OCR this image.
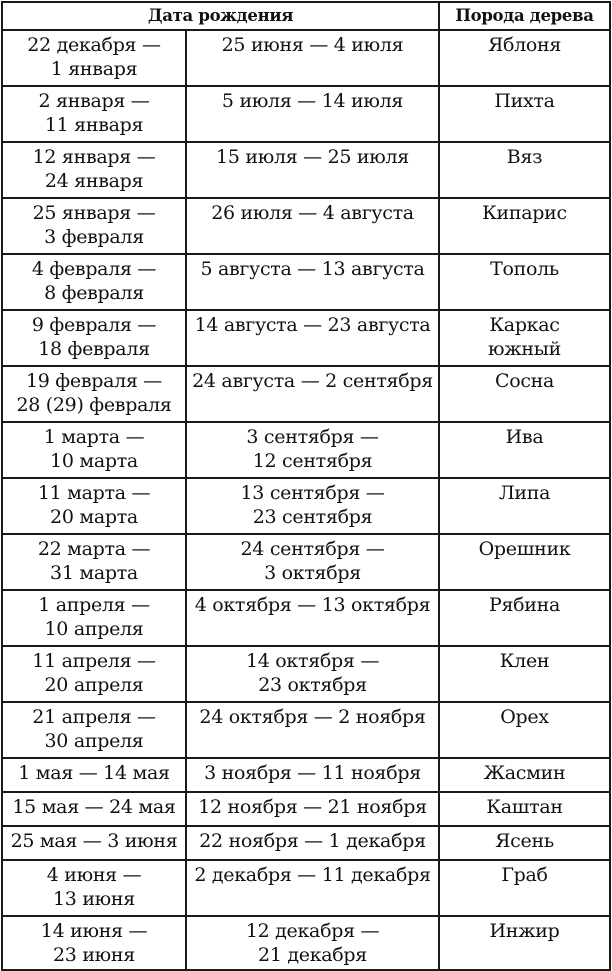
Дата рождения		Порода дерева

22 декабря —
1 января	25 июня — 4 июля	Яблоня

2 января —
11 января	5 июля — 14 июля	Пихта

12 января —
24 января	15 июля — 25 июля	Вяз

25 января —
3 февраля	26 июля — 4 августа	Кипарис

4 февраля —
8 февраля	5 августа — 13 августа	Тополь

9 февраля —
18 февраля	14 августа — 23 августа	Каркас
южный

19 февраля —
28 (29) февраля	24 августа — 2 сентября	Сосна

1 марта —
10 марта	3 сентября —
12 сентября	Ива

11 марта —
20 марта	13 сентября —
23 сентября	Липа

22 марта —
31 марта	24 сентября —
3 октября	Орешник

1 апреля —
10 апреля	4 октября — 13 октября	Рябина

11 апреля —
20 апреля	14 октября —
23 октября	Клен

21 апреля —
30 апреля	24 октября — 2 ноября	Орех

1 мая — 14 мая	3 ноября — 11 ноября	Жасмин

15 мая — 24 мая	12 ноября — 21 ноября	Каштан

25 мая — 3 июня	22 ноября — 1 декабря	Ясень

4 июня —
13 июня	2 декабря — 11 декабря	Граб

14 июня —
23 июня	12 декабря —
21 декабря	Инжир
